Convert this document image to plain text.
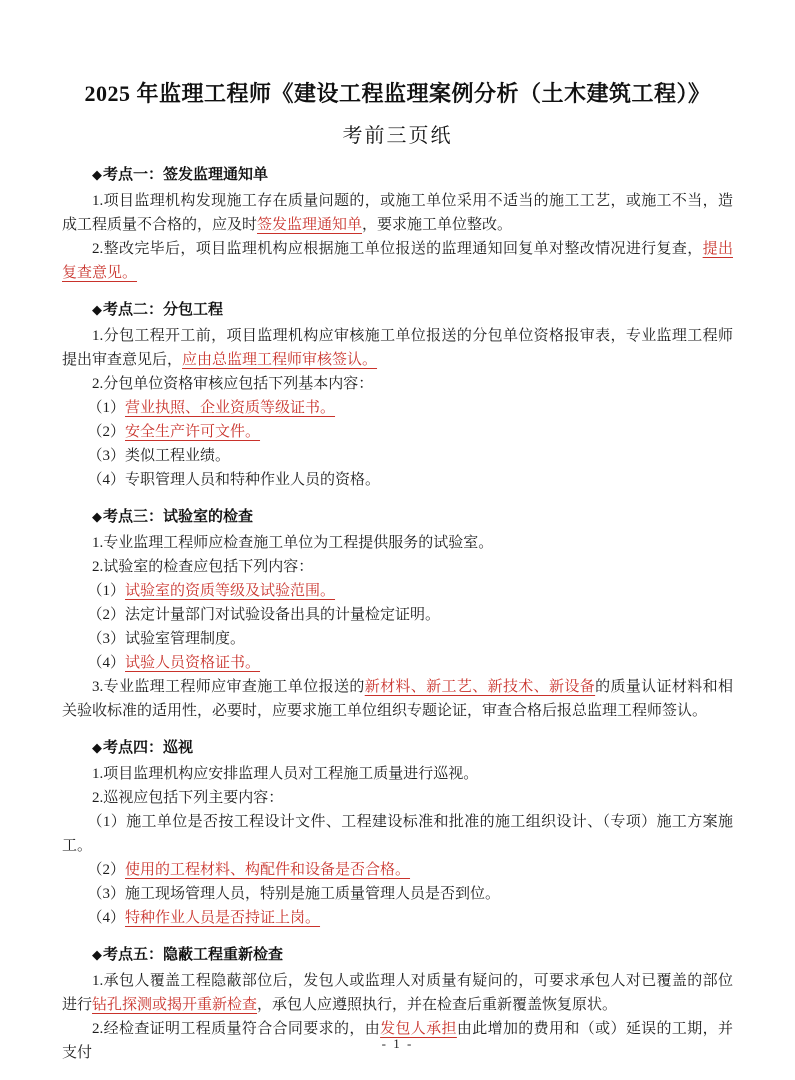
2025 年监理工程师《建设工程监理案例分析（土木建筑工程）》
考前三页纸
◆考点一：签发监理通知单

1.项目监理机构发现施工存在质量问题的，或施工单位采用不适当的施工工艺，或施工不当，造成工程质量不合格的，应及时签发监理通知单，要求施工单位整改。

2.整改完毕后，项目监理机构应根据施工单位报送的监理通知回复单对整改情况进行复查，提出复查意见。

◆考点二：分包工程

1.分包工程开工前，项目监理机构应审核施工单位报送的分包单位资格报审表，专业监理工程师提出审查意见后，应由总监理工程师审核签认。

2.分包单位资格审核应包括下列基本内容：

（1）营业执照、企业资质等级证书。

（2）安全生产许可文件。

（3）类似工程业绩。

（4）专职管理人员和特种作业人员的资格。

◆考点三：试验室的检查

1.专业监理工程师应检查施工单位为工程提供服务的试验室。

2.试验室的检查应包括下列内容：

（1）试验室的资质等级及试验范围。

（2）法定计量部门对试验设备出具的计量检定证明。

（3）试验室管理制度。

（4）试验人员资格证书。

3.专业监理工程师应审查施工单位报送的新材料、新工艺、新技术、新设备的质量认证材料和相关验收标准的适用性，必要时，应要求施工单位组织专题论证，审查合格后报总监理工程师签认。

◆考点四：巡视

1.项目监理机构应安排监理人员对工程施工质量进行巡视。

2.巡视应包括下列主要内容：

（1）施工单位是否按工程设计文件、工程建设标准和批准的施工组织设计、（专项）施工方案施工。

（2）使用的工程材料、构配件和设备是否合格。

（3）施工现场管理人员，特别是施工质量管理人员是否到位。

（4）特种作业人员是否持证上岗。

◆考点五：隐蔽工程重新检查

1.承包人覆盖工程隐蔽部位后，发包人或监理人对质量有疑问的，可要求承包人对已覆盖的部位进行钻孔探测或揭开重新检查，承包人应遵照执行，并在检查后重新覆盖恢复原状。

2.经检查证明工程质量符合合同要求的，由发包人承担由此增加的费用和（或）延误的工期，并支付

- 1 -
